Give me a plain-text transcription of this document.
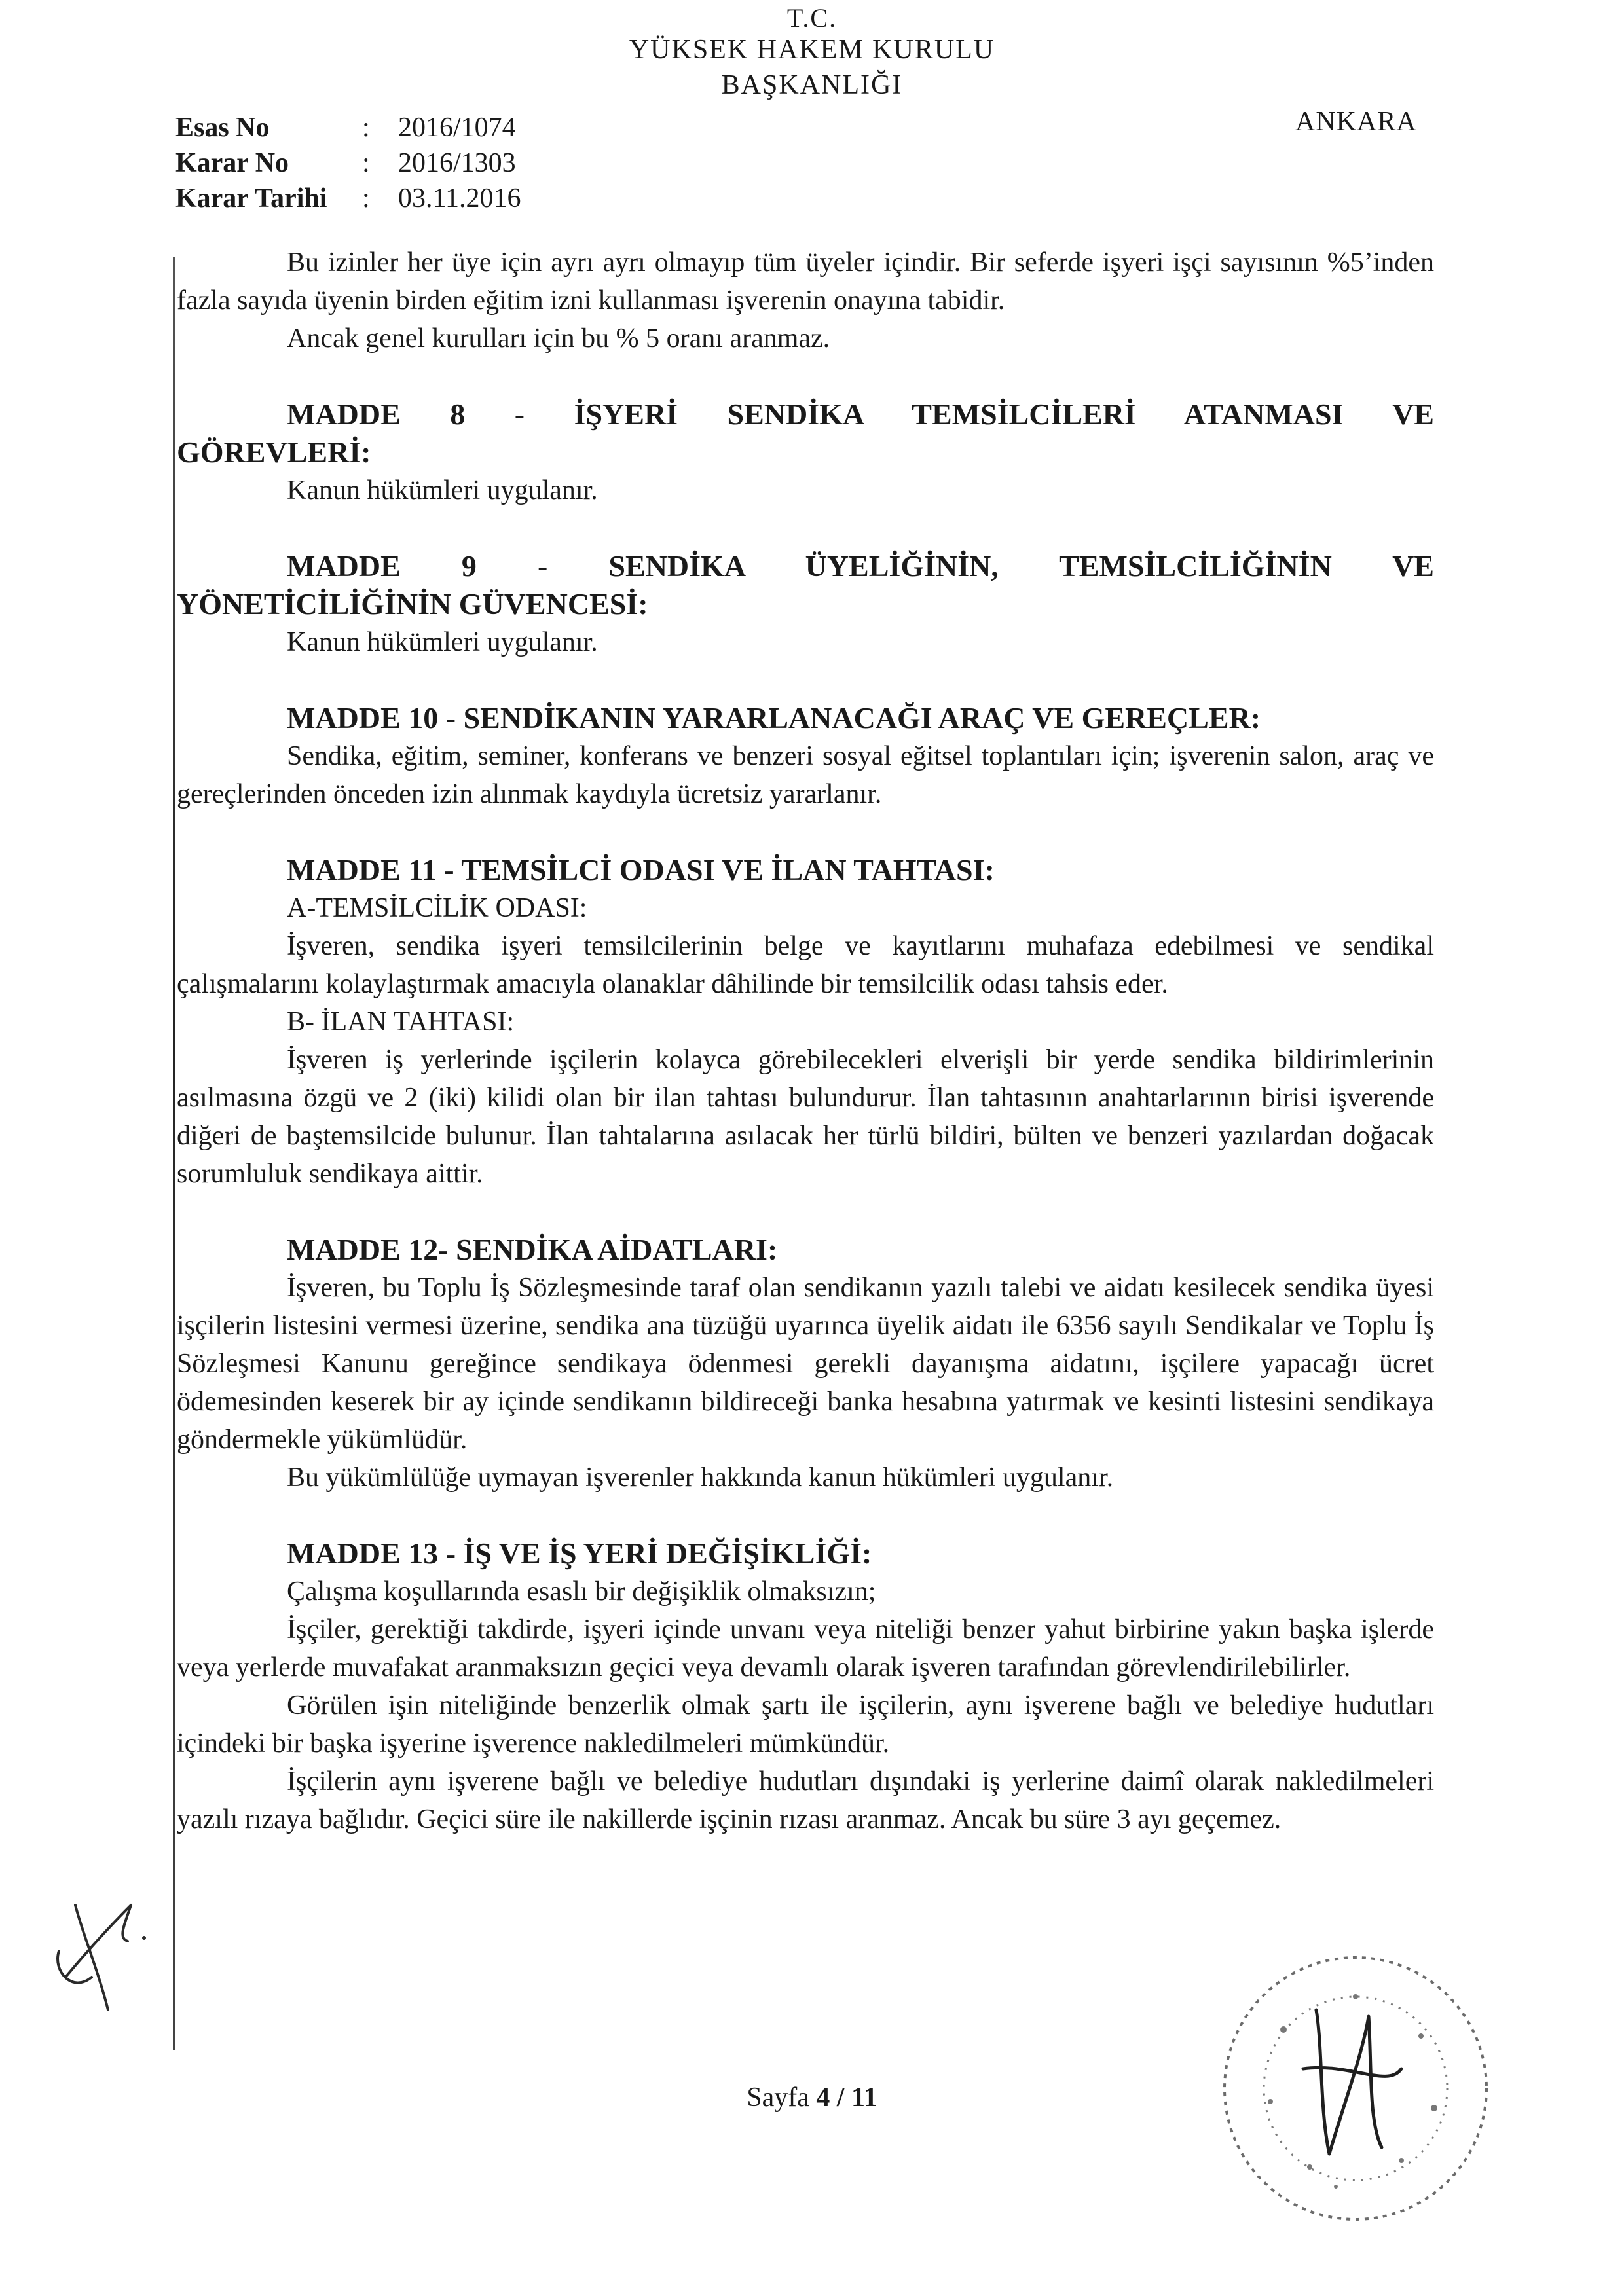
T.C.
YÜKSEK HAKEM KURULU
BAŞKANLIĞI
ANKARA
Esas No	:	2016/1074
Karar No	:	2016/1303
Karar Tarihi	:	03.11.2016

Bu izinler her üye için ayrı ayrı olmayıp tüm üyeler içindir. Bir seferde işyeri işçi sayısının %5’inden fazla sayıda üyenin birden eğitim izni kullanması işverenin onayına tabidir.

Ancak genel kurulları için bu % 5 oranı aranmaz.

MADDE 8 - İŞYERİ SENDİKA TEMSİLCİLERİ ATANMASI VE

GÖREVLERİ:

Kanun hükümleri uygulanır.

MADDE 9 - SENDİKA ÜYELİĞİNİN, TEMSİLCİLİĞİNİN VE

YÖNETİCİLİĞİNİN GÜVENCESİ:

Kanun hükümleri uygulanır.

MADDE 10 - SENDİKANIN YARARLANACAĞI ARAÇ VE GEREÇLER:

Sendika, eğitim, seminer, konferans ve benzeri sosyal eğitsel toplantıları için; işverenin salon, araç ve gereçlerinden önceden izin alınmak kaydıyla ücretsiz yararlanır.

MADDE 11 - TEMSİLCİ ODASI VE İLAN TAHTASI:

A-TEMSİLCİLİK ODASI:

İşveren, sendika işyeri temsilcilerinin belge ve kayıtlarını muhafaza edebilmesi ve sendikal çalışmalarını kolaylaştırmak amacıyla olanaklar dâhilinde bir temsilcilik odası tahsis eder.

B- İLAN TAHTASI:

İşveren iş yerlerinde işçilerin kolayca görebilecekleri elverişli bir yerde sendika bildirimlerinin asılmasına özgü ve 2 (iki) kilidi olan bir ilan tahtası bulundurur. İlan tahtasının anahtarlarının birisi işverende diğeri de baştemsilcide bulunur. İlan tahtalarına asılacak her türlü bildiri, bülten ve benzeri yazılardan doğacak sorumluluk sendikaya aittir.

MADDE 12- SENDİKA AİDATLARI:

İşveren, bu Toplu İş Sözleşmesinde taraf olan sendikanın yazılı talebi ve aidatı kesilecek sendika üyesi işçilerin listesini vermesi üzerine, sendika ana tüzüğü uyarınca üyelik aidatı ile 6356 sayılı Sendikalar ve Toplu İş Sözleşmesi Kanunu gereğince sendikaya ödenmesi gerekli dayanışma aidatını, işçilere yapacağı ücret ödemesinden keserek bir ay içinde sendikanın bildireceği banka hesabına yatırmak ve kesinti listesini sendikaya göndermekle yükümlüdür.

Bu yükümlülüğe uymayan işverenler hakkında kanun hükümleri uygulanır.

MADDE 13 - İŞ VE İŞ YERİ DEĞİŞİKLİĞİ:

Çalışma koşullarında esaslı bir değişiklik olmaksızın;

İşçiler, gerektiği takdirde, işyeri içinde unvanı veya niteliği benzer yahut birbirine yakın başka işlerde veya yerlerde muvafakat aranmaksızın geçici veya devamlı olarak işveren tarafından görevlendirilebilirler.

Görülen işin niteliğinde benzerlik olmak şartı ile işçilerin, aynı işverene bağlı ve belediye hudutları içindeki bir başka işyerine işverence nakledilmeleri mümkündür.

İşçilerin aynı işverene bağlı ve belediye hudutları dışındaki iş yerlerine daimî olarak nakledilmeleri yazılı rızaya bağlıdır. Geçici süre ile nakillerde işçinin rızası aranmaz. Ancak bu süre 3 ayı geçemez.

Sayfa 4 / 11
